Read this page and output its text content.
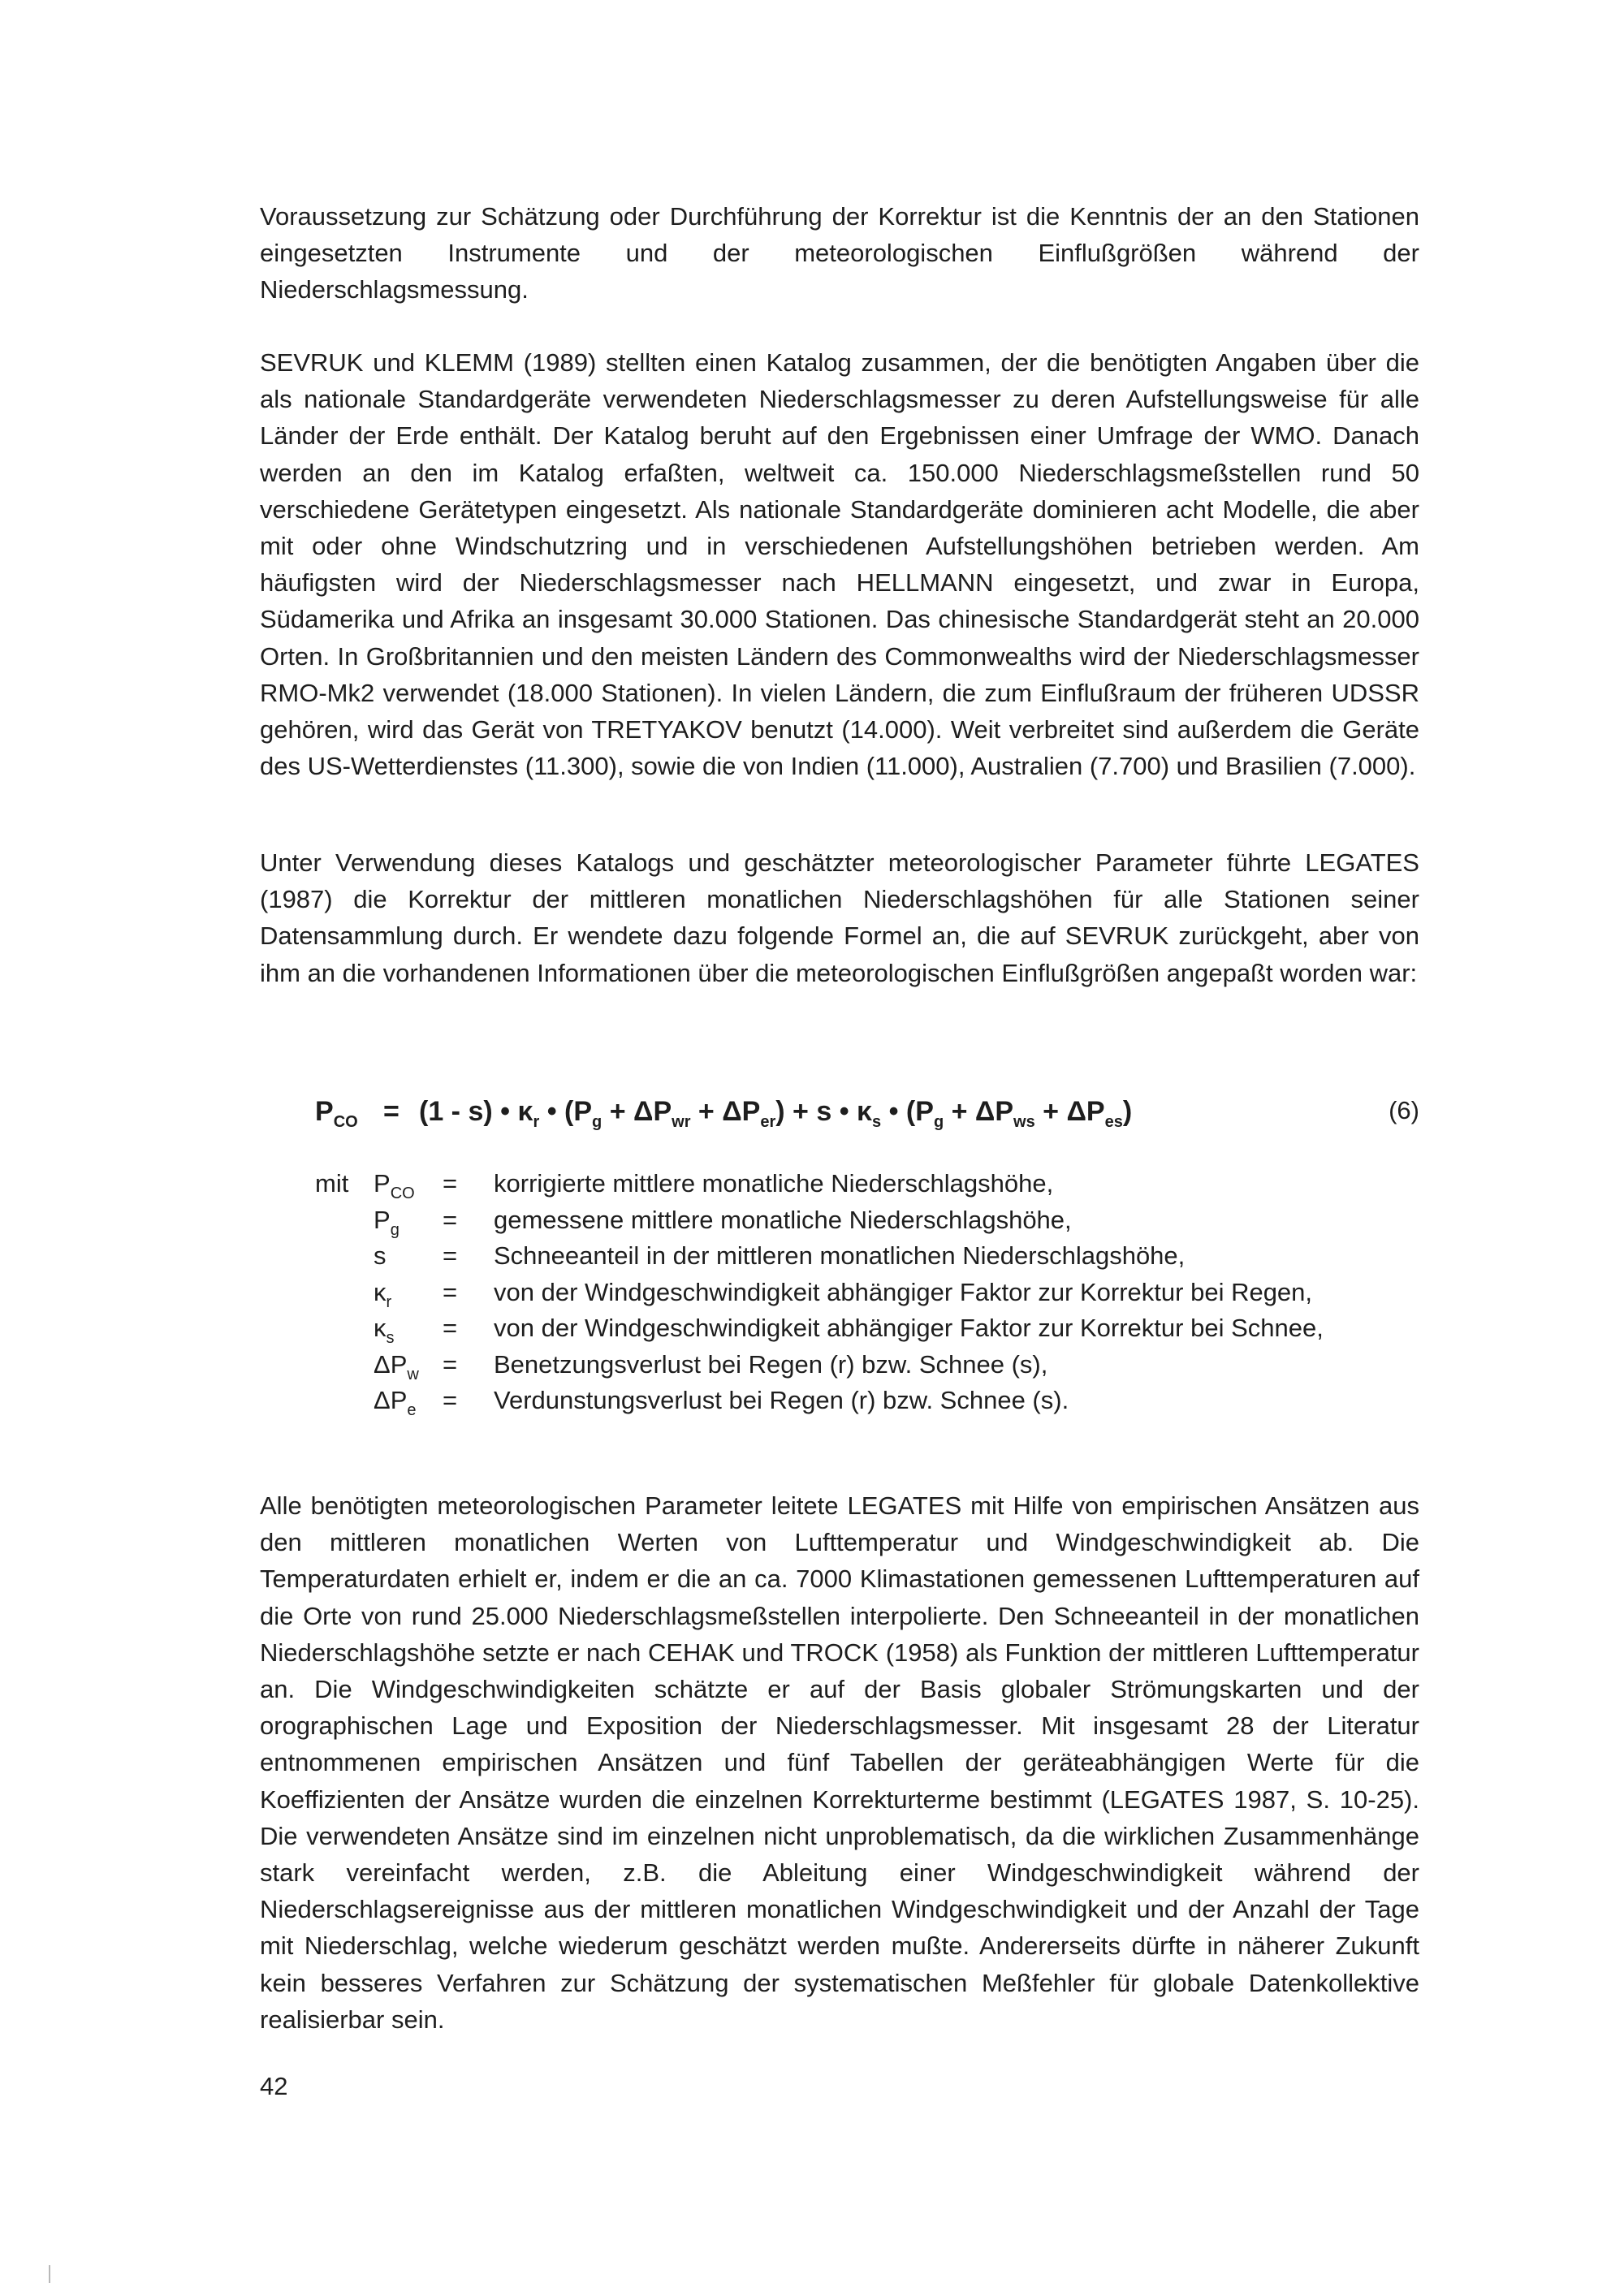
Voraussetzung zur Schätzung oder Durchführung der Korrektur ist die Kenntnis der an den Stationen eingesetzten Instrumente und der meteorologischen Einflußgrößen während der Niederschlagsmessung.

SEVRUK und KLEMM (1989) stellten einen Katalog zusammen, der die benötigten Angaben über die als nationale Standardgeräte verwendeten Niederschlagsmesser zu deren Aufstellungsweise für alle Länder der Erde enthält. Der Katalog beruht auf den Ergebnissen einer Umfrage der WMO. Danach werden an den im Katalog erfaßten, weltweit ca. 150.000 Niederschlagsmeßstellen rund 50 verschiedene Gerätetypen eingesetzt. Als nationale Standardgeräte dominieren acht Modelle, die aber mit oder ohne Windschutzring und in verschiedenen Aufstellungshöhen betrieben werden. Am häufigsten wird der Niederschlagsmesser nach HELLMANN eingesetzt, und zwar in Europa, Südamerika und Afrika an insgesamt 30.000 Stationen. Das chinesische Standardgerät steht an 20.000 Orten. In Großbritannien und den meisten Ländern des Commonwealths wird der Niederschlagsmesser RMO-Mk2 verwendet (18.000 Stationen). In vielen Ländern, die zum Einflußraum der früheren UDSSR gehören, wird das Gerät von TRETYAKOV benutzt (14.000). Weit verbreitet sind außerdem die Geräte des US-Wetterdienstes (11.300), sowie die von Indien (11.000), Australien (7.700) und Brasilien (7.000).

Unter Verwendung dieses Katalogs und geschätzter meteorologischer Parameter führte LEGATES (1987) die Korrektur der mittleren monatlichen Niederschlagshöhen für alle Stationen seiner Datensammlung durch. Er wendete dazu folgende Formel an, die auf SEVRUK zurückgeht, aber von ihm an die vorhandenen Informationen über die meteorologischen Einflußgrößen angepaßt worden war:

$P_{CO} = (1 - s)$ • $\kappa_r$ • $(P_g + \Delta P_{wr} + \Delta P_{er}) + s$ • $\kappa_s$ • $(P_g + \Delta P_{ws} + \Delta P_{es})$	(6)
mit $P_{CO}$ = korrigierte mittlere monatliche Niederschlagshöhe,
$P_g$ = gemessene mittlere monatliche Niederschlagshöhe,
s = Schneeanteil in der mittleren monatlichen Niederschlagshöhe,
$\kappa_r$ = von der Windgeschwindigkeit abhängiger Faktor zur Korrektur bei Regen,
$\kappa_s$ = von der Windgeschwindigkeit abhängiger Faktor zur Korrektur bei Schnee,
$\Delta P_w$ = Benetzungsverlust bei Regen (r) bzw. Schnee (s),
$\Delta P_e$ = Verdunstungsverlust bei Regen (r) bzw. Schnee (s).

Alle benötigten meteorologischen Parameter leitete LEGATES mit Hilfe von empirischen Ansätzen aus den mittleren monatlichen Werten von Lufttemperatur und Windgeschwindigkeit ab. Die Temperaturdaten erhielt er, indem er die an ca. 7000 Klimastationen gemessenen Lufttemperaturen auf die Orte von rund 25.000 Niederschlagsmeßstellen interpolierte. Den Schneeanteil in der monatlichen Niederschlagshöhe setzte er nach CEHAK und TROCK (1958) als Funktion der mittleren Lufttemperatur an. Die Windgeschwindigkeiten schätzte er auf der Basis globaler Strömungskarten und der orographischen Lage und Exposition der Niederschlagsmesser. Mit insgesamt 28 der Literatur entnommenen empirischen Ansätzen und fünf Tabellen der geräteabhängigen Werte für die Koeffizienten der Ansätze wurden die einzelnen Korrekturterme bestimmt (LEGATES 1987, S. 10-25). Die verwendeten Ansätze sind im einzelnen nicht unproblematisch, da die wirklichen Zusammenhänge stark vereinfacht werden, z.B. die Ableitung einer Windgeschwindigkeit während der Niederschlagsereignisse aus der mittleren monatlichen Windgeschwindigkeit und der Anzahl der Tage mit Niederschlag, welche wiederum geschätzt werden mußte. Andererseits dürfte in näherer Zukunft kein besseres Verfahren zur Schätzung der systematischen Meßfehler für globale Datenkollektive realisierbar sein.

42
